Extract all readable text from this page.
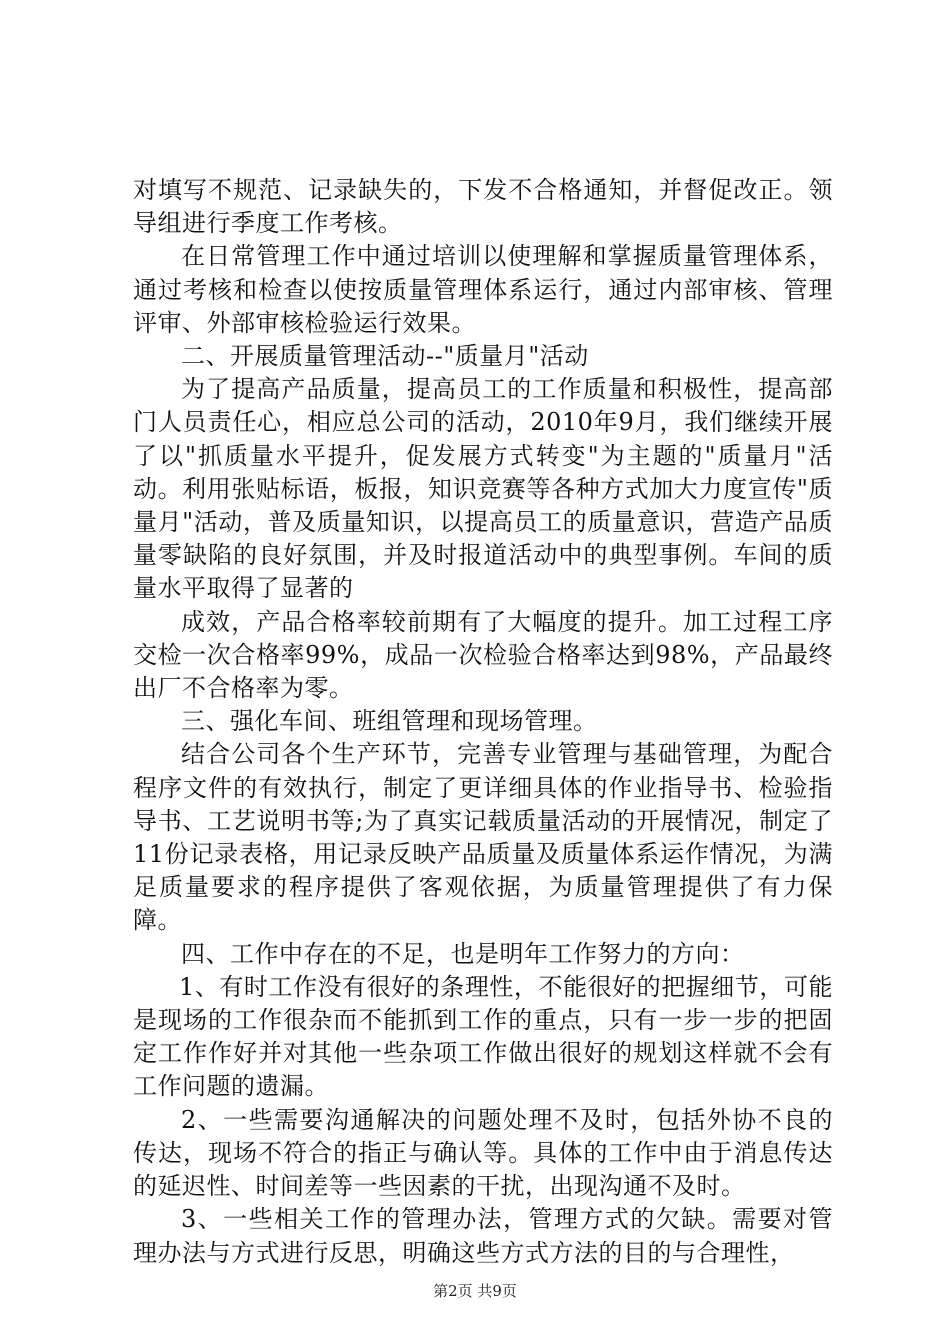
对填写不规范、记录缺失的，下发不合格通知，并督促改正。领导组进行季度工作考核。

在日常管理工作中通过培训以使理解和掌握质量管理体系，通过考核和检查以使按质量管理体系运行，通过内部审核、管理评审、外部审核检验运行效果。

二、开展质量管理活动--"质量月"活动

为了提高产品质量，提高员工的工作质量和积极性，提高部门人员责任心，相应总公司的活动，2010年9月，我们继续开展了以"抓质量水平提升，促发展方式转变"为主题的"质量月"活动。利用张贴标语，板报，知识竞赛等各种方式加大力度宣传"质量月"活动，普及质量知识，以提高员工的质量意识，营造产品质量零缺陷的良好氛围，并及时报道活动中的典型事例。车间的质量水平取得了显著的

成效，产品合格率较前期有了大幅度的提升。加工过程工序交检一次合格率99%，成品一次检验合格率达到98%，产品最终出厂不合格率为零。

三、强化车间、班组管理和现场管理。

结合公司各个生产环节，完善专业管理与基础管理，为配合程序文件的有效执行，制定了更详细具体的作业指导书、检验指导书、工艺说明书等;为了真实记载质量活动的开展情况，制定了11份记录表格，用记录反映产品质量及质量体系运作情况，为满足质量要求的程序提供了客观依据，为质量管理提供了有力保障。

四、工作中存在的不足，也是明年工作努力的方向：

1、有时工作没有很好的条理性，不能很好的把握细节，可能是现场的工作很杂而不能抓到工作的重点，只有一步一步的把固定工作作好并对其他一些杂项工作做出很好的规划这样就不会有工作问题的遗漏。

2、一些需要沟通解决的问题处理不及时，包括外协不良的传达，现场不符合的指正与确认等。具体的工作中由于消息传达的延迟性、时间差等一些因素的干扰，出现沟通不及时。

3、一些相关工作的管理办法，管理方式的欠缺。需要对管理办法与方式进行反思，明确这些方式方法的目的与合理性，

第2页 共9页
